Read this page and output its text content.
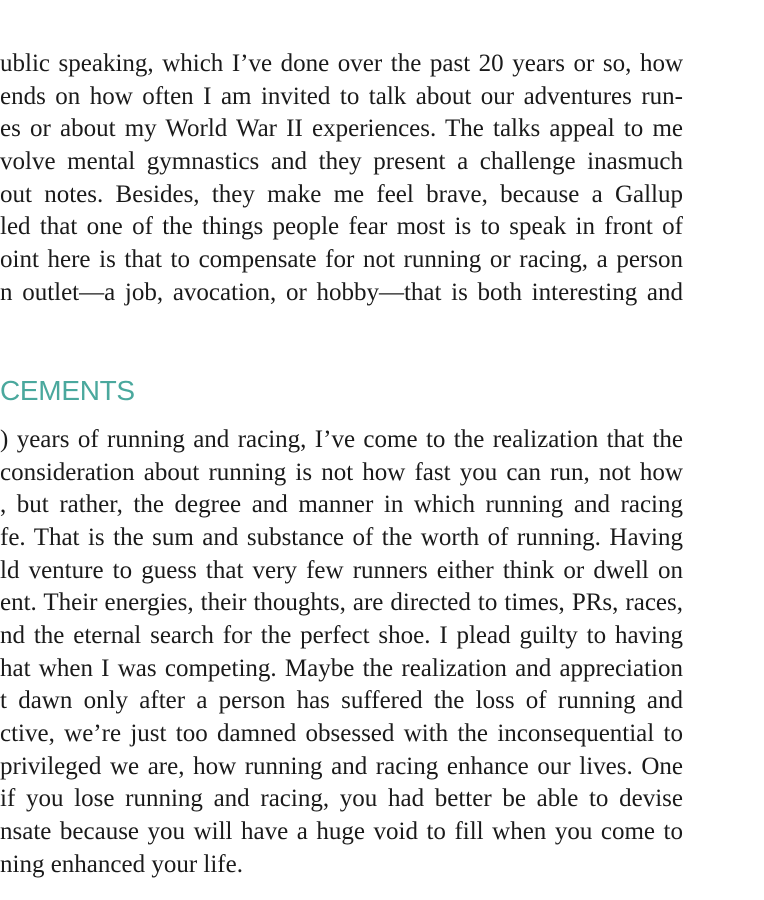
ublic speaking, which I’ve done over the past 20 years or so, how

ends on how often I am invited to talk about our adventures run-

es or about my World War II experiences. The talks appeal to me

volve mental gymnastics and they present a challenge inasmuch

out notes. Besides, they make me feel brave, because a Gallup

led that one of the things people fear most is to speak in front of

oint here is that to compensate for not running or racing, a person

n outlet—a job, avocation, or hobby—that is both interesting and

CEMENTS

) years of running and racing, I’ve come to the realization that the

consideration about running is not how fast you can run, not how

, but rather, the degree and manner in which running and racing

fe. That is the sum and substance of the worth of running. Having

ld venture to guess that very few runners either think or dwell on

ent. Their energies, their thoughts, are directed to times, PRs, races,

nd the eternal search for the perfect shoe. I plead guilty to having

hat when I was competing. Maybe the realization and appreciation

t dawn only after a person has suffered the loss of running and

ctive, we’re just too damned obsessed with the inconsequential to

privileged we are, how running and racing enhance our lives. One

if you lose running and racing, you had better be able to devise

nsate because you will have a huge void to fill when you come to

ning enhanced your life.
